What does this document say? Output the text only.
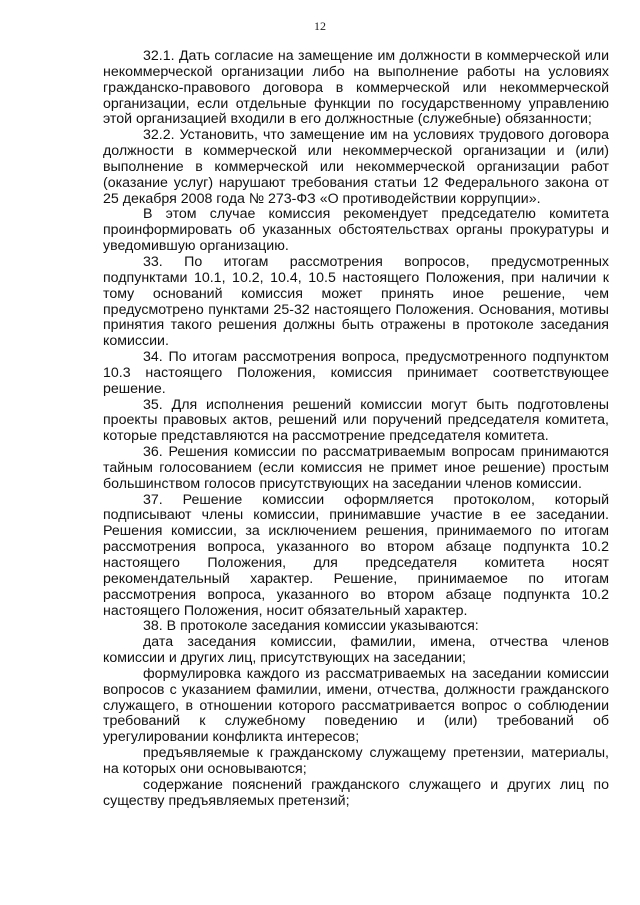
12

32.1. Дать согласие на замещение им должности в коммерческой или некоммерческой организации либо на выполнение работы на условиях гражданско-правового договора в коммерческой или некоммерческой организации, если отдельные функции по государственному управлению этой организацией входили в его должностные (служебные) обязанности;

32.2. Установить, что замещение им на условиях трудового договора должности в коммерческой или некоммерческой организации и (или) выполнение в коммерческой или некоммерческой организации работ (оказание услуг) нарушают требования статьи 12 Федерального закона от 25 декабря 2008 года № 273-ФЗ «О противодействии коррупции».

В этом случае комиссия рекомендует председателю комитета проинформировать об указанных обстоятельствах органы прокуратуры и уведомившую организацию.

33. По итогам рассмотрения вопросов, предусмотренных подпунктами 10.1, 10.2, 10.4, 10.5 настоящего Положения, при наличии к тому оснований комиссия может принять иное решение, чем предусмотрено пунктами 25-32 настоящего Положения. Основания, мотивы принятия такого решения должны быть отражены в протоколе заседания комиссии.

34. По итогам рассмотрения вопроса, предусмотренного подпунктом 10.3 настоящего Положения, комиссия принимает соответствующее решение.

35. Для исполнения решений комиссии могут быть подготовлены проекты правовых актов, решений или поручений председателя комитета, которые представляются на рассмотрение председателя комитета.

36. Решения комиссии по рассматриваемым вопросам принимаются тайным голосованием (если комиссия не примет иное решение) простым большинством голосов присутствующих на заседании членов комиссии.

37. Решение комиссии оформляется протоколом, который подписывают члены комиссии, принимавшие участие в ее заседании. Решения комиссии, за исключением решения, принимаемого по итогам рассмотрения вопроса, указанного во втором абзаце подпункта 10.2 настоящего Положения, для председателя комитета носят рекомендательный характер. Решение, принимаемое по итогам рассмотрения вопроса, указанного во втором абзаце подпункта 10.2 настоящего Положения, носит обязательный характер.

38. В протоколе заседания комиссии указываются:

дата заседания комиссии, фамилии, имена, отчества членов комиссии и других лиц, присутствующих на заседании;

формулировка каждого из рассматриваемых на заседании комиссии вопросов с указанием фамилии, имени, отчества, должности гражданского служащего, в отношении которого рассматривается вопрос о соблюдении требований к служебному поведению и (или) требований об урегулировании конфликта интересов;

предъявляемые к гражданскому служащему претензии, материалы, на которых они основываются;

содержание пояснений гражданского служащего и других лиц по существу предъявляемых претензий;
